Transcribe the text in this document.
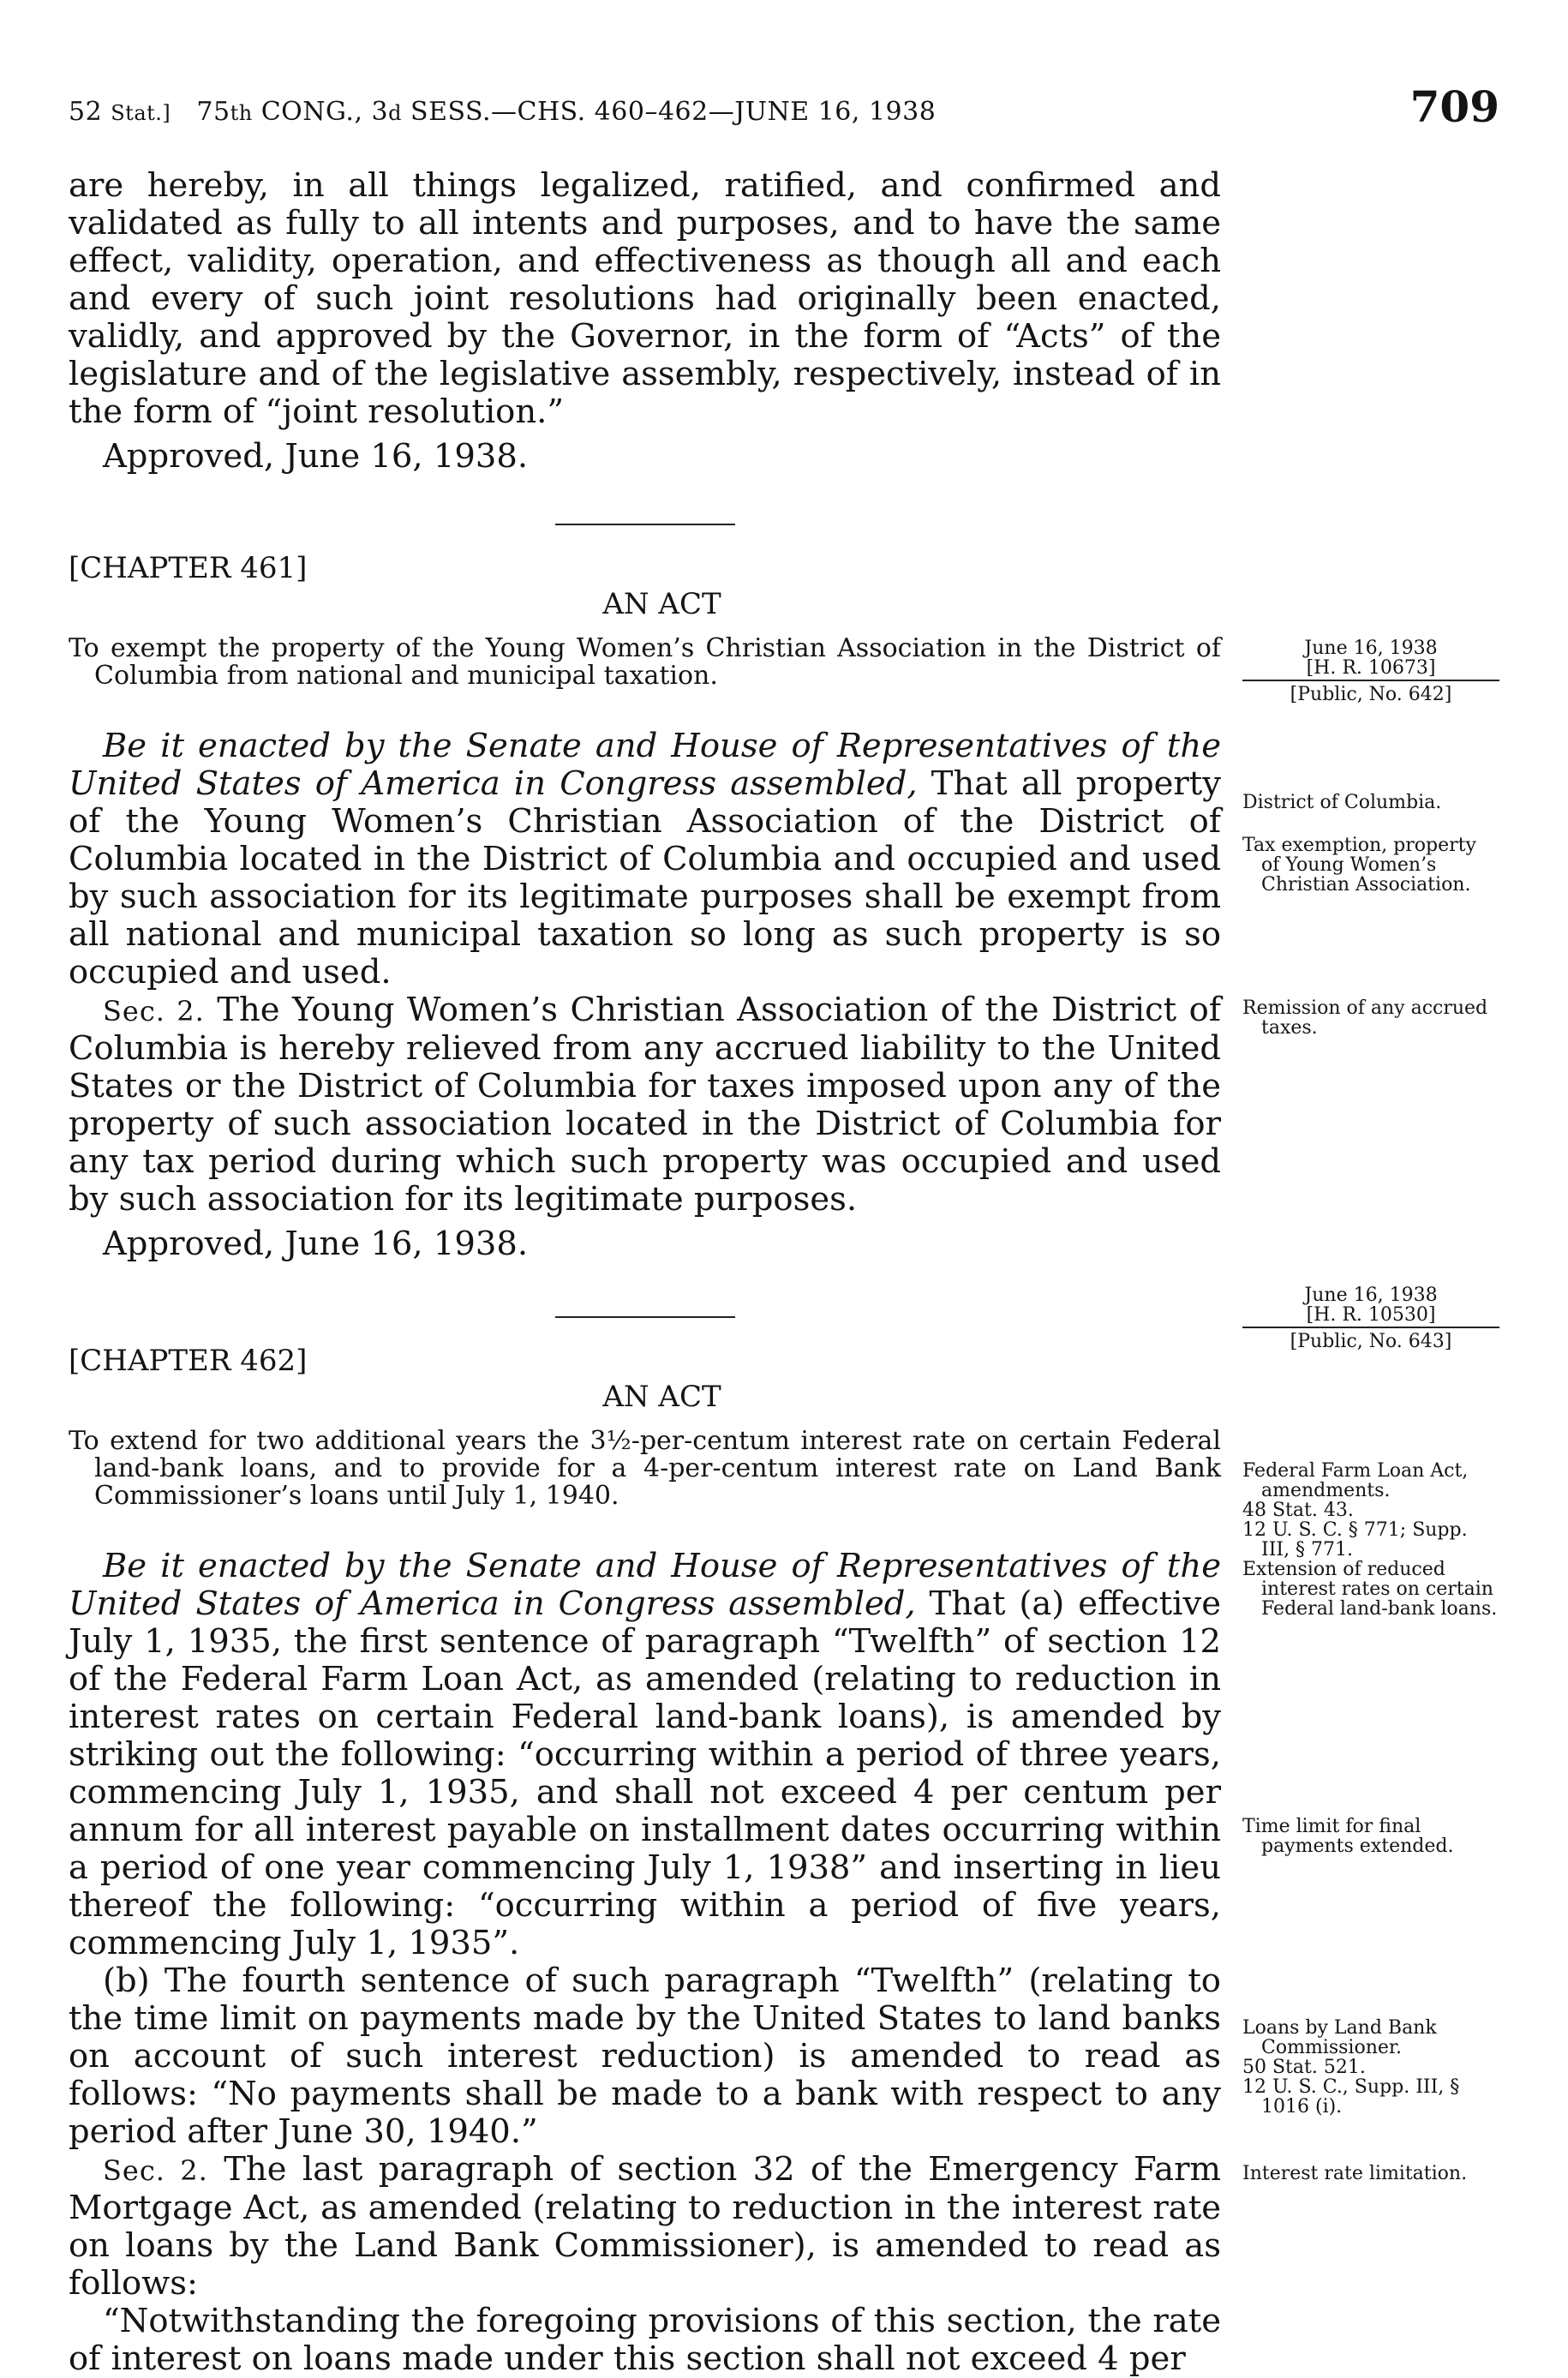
52 Stat.] 75th CONG., 3d SESS.—CHS. 460–462—JUNE 16, 1938	709

are hereby, in all things legalized, ratified, and confirmed and validated as fully to all intents and purposes, and to have the same effect, validity, operation, and effectiveness as though all and each and every of such joint resolutions had originally been enacted, validly, and approved by the Governor, in the form of “Acts” of the legislature and of the legislative assembly, respectively, instead of in the form of “joint resolution.”

Approved, June 16, 1938.

[CHAPTER 461]
AN ACT

To exempt the property of the Young Women’s Christian Association in the District of Columbia from national and municipal taxation.

Be it enacted by the Senate and House of Representatives of the United States of America in Congress assembled, That all property of the Young Women’s Christian Association of the District of Columbia located in the District of Columbia and occupied and used by such association for its legitimate purposes shall be exempt from all national and municipal taxation so long as such property is so occupied and used.

Sec. 2. The Young Women’s Christian Association of the District of Columbia is hereby relieved from any accrued liability to the United States or the District of Columbia for taxes imposed upon any of the property of such association located in the District of Columbia for any tax period during which such property was occupied and used by such association for its legitimate purposes.

Approved, June 16, 1938.

[CHAPTER 462]
AN ACT

To extend for two additional years the 3½-per-centum interest rate on certain Federal land-bank loans, and to provide for a 4-per-centum interest rate on Land Bank Commissioner’s loans until July 1, 1940.

Be it enacted by the Senate and House of Representatives of the United States of America in Congress assembled, That (a) effective July 1, 1935, the first sentence of paragraph “Twelfth” of section 12 of the Federal Farm Loan Act, as amended (relating to reduction in interest rates on certain Federal land-bank loans), is amended by striking out the following: “occurring within a period of three years, commencing July 1, 1935, and shall not exceed 4 per centum per annum for all interest payable on installment dates occurring within a period of one year commencing July 1, 1938” and inserting in lieu thereof the following: “occurring within a period of five years, commencing July 1, 1935”.

(b) The fourth sentence of such paragraph “Twelfth” (relating to the time limit on payments made by the United States to land banks on account of such interest reduction) is amended to read as follows: “No payments shall be made to a bank with respect to any period after June 30, 1940.”

Sec. 2. The last paragraph of section 32 of the Emergency Farm Mortgage Act, as amended (relating to reduction in the interest rate on loans by the Land Bank Commissioner), is amended to read as follows:

“Notwithstanding the foregoing provisions of this section, the rate of interest on loans made under this section shall not exceed 4 per

June 16, 1938
[H. R. 10673]
[Public, No. 642]
District of Columbia.
Tax exemption, property of Young Women’s Christian Association.
Remission of any accrued taxes.
June 16, 1938
[H. R. 10530]
[Public, No. 643]
Federal Farm Loan Act, amendments.
48 Stat. 43.
12 U. S. C. § 771; Supp. III, § 771.
Extension of reduced interest rates on certain Federal land-bank loans.
Time limit for final payments extended.
Loans by Land Bank Commissioner.
50 Stat. 521.
12 U. S. C., Supp. III, § 1016 (i).
Interest rate limitation.
